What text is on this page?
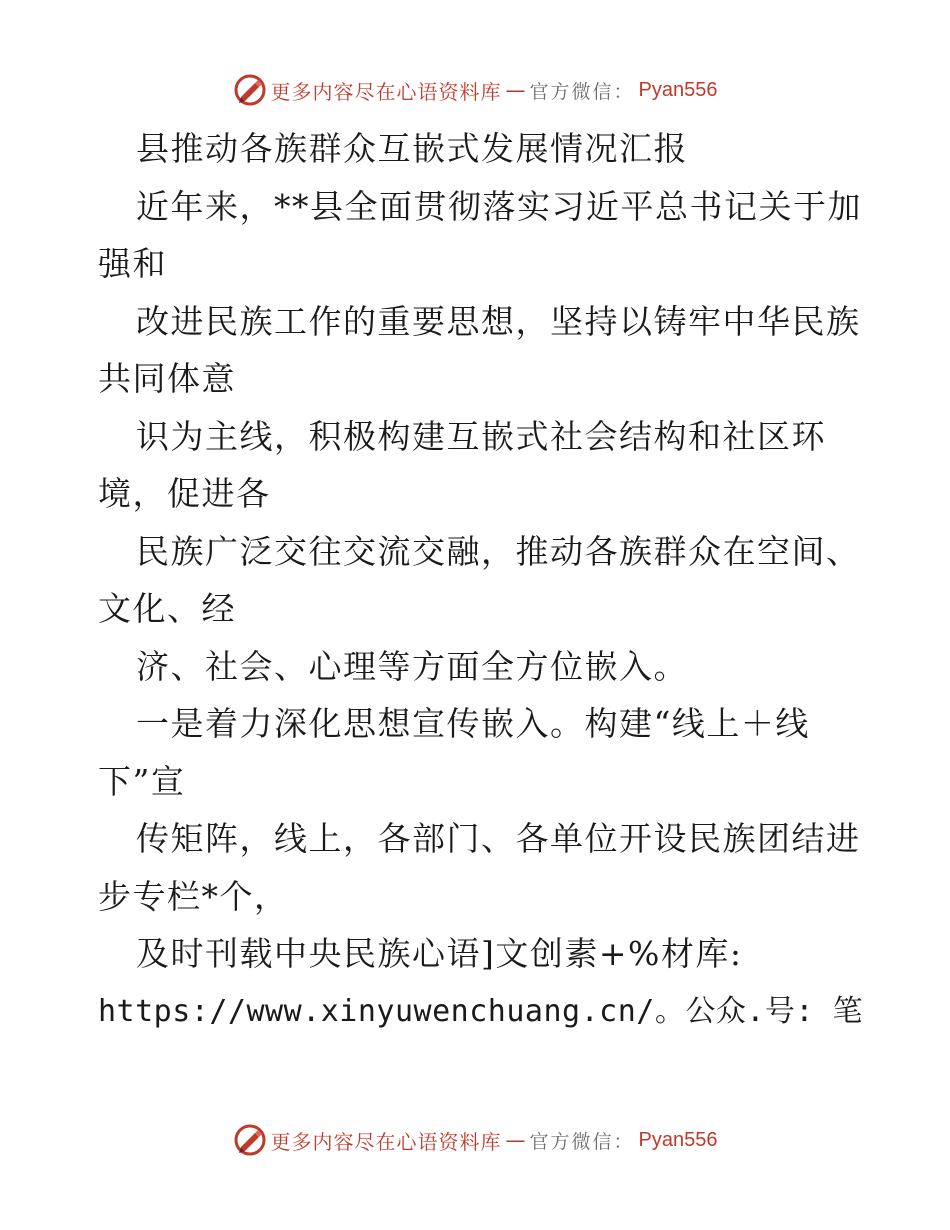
更多内容尽在心语资料库 — 官方微信： Pyan556
县推动各族群众互嵌式发展情况汇报
近年来，**县全面贯彻落实习近平总书记关于加
强和
改进民族工作的重要思想，坚持以铸牢中华民族
共同体意
识为主线，积极构建互嵌式社会结构和社区环
境，促进各
民族广泛交往交流交融，推动各族群众在空间、
文化、经
济、社会、心理等方面全方位嵌入。
一是着力深化思想宣传嵌入。构建“线上＋线
下”宣
传矩阵，线上，各部门、各单位开设民族团结进
步专栏*个，
及时刊载中央民族心语]文创素+%材库:
https://www.xinyuwenchuang.cn/。公众.号: 笔
更多内容尽在心语资料库 — 官方微信： Pyan556
